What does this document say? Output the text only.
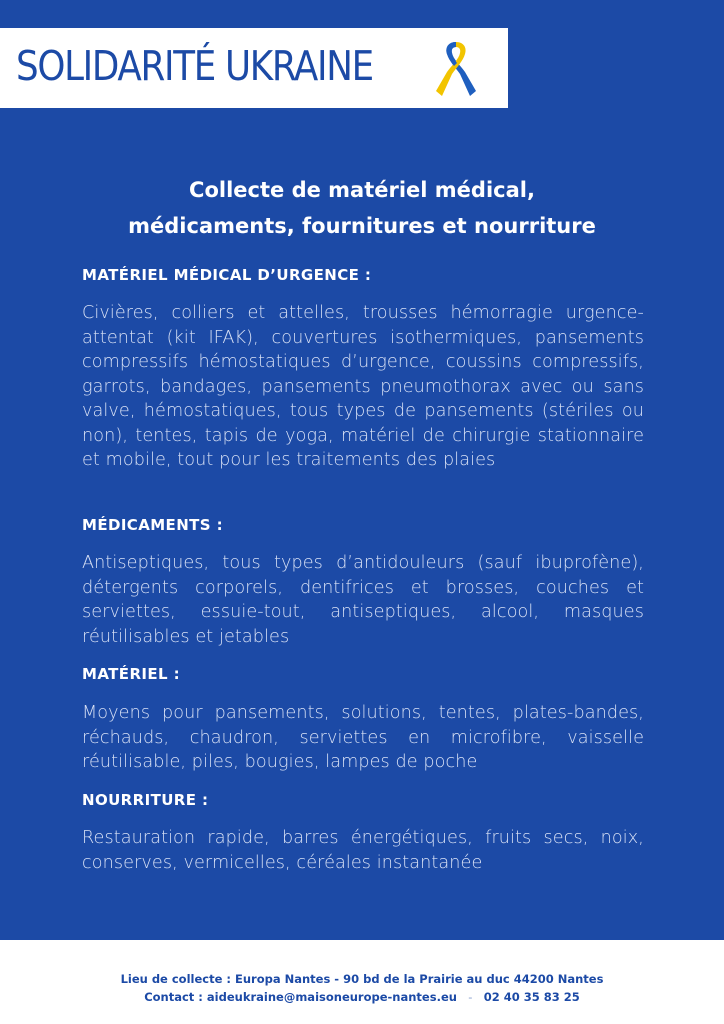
SOLIDARITÉ UKRAINE
Collecte de matériel médical,
médicaments, fournitures et nourriture
MATÉRIEL MÉDICAL D’URGENCE :
Civières, colliers et attelles, trousses hémorragie urgence-attentat (kit IFAK), couvertures isothermiques, pansements compressifs hémostatiques d’urgence, coussins compressifs, garrots, bandages, pansements pneumothorax avec ou sans valve, hémostatiques, tous types de pansements (stériles ou non), tentes, tapis de yoga, matériel de chirurgie stationnaire et mobile, tout pour les traitements des plaies
MÉDICAMENTS :
Antiseptiques, tous types d’antidouleurs (sauf ibuprofène), détergents corporels, dentifrices et brosses, couches et serviettes, essuie-tout, antiseptiques, alcool, masques réutilisables et jetables
MATÉRIEL :
Moyens pour pansements, solutions, tentes, plates-bandes, réchauds, chaudron, serviettes en microfibre, vaisselle réutilisable, piles, bougies, lampes de poche
NOURRITURE :
Restauration rapide, barres énergétiques, fruits secs, noix, conserves, vermicelles, céréales instantanée
Lieu de collecte : Europa Nantes - 90 bd de la Prairie au duc 44200 Nantes
Contact : aideukraine@maisoneurope-nantes.eu   -   02 40 35 83 25
